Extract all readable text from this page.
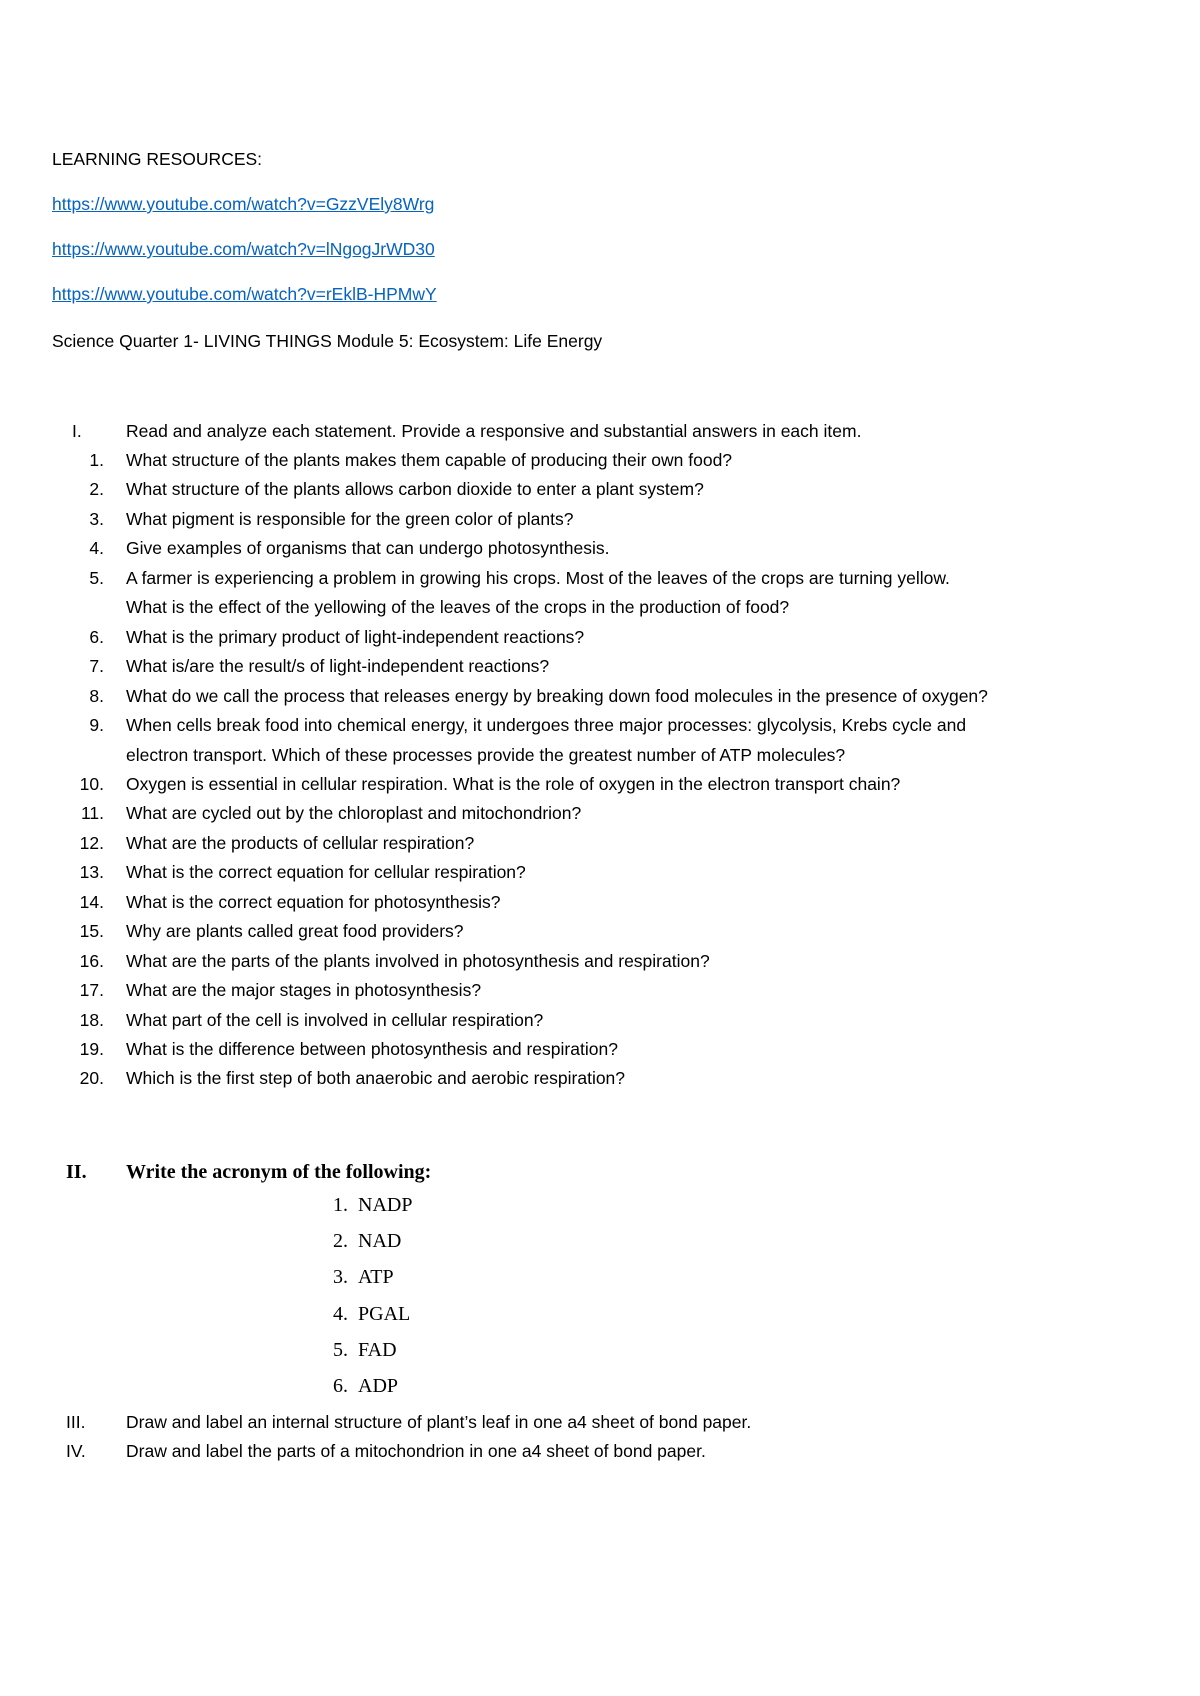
LEARNING RESOURCES:
https://www.youtube.com/watch?v=GzzVEly8Wrg
https://www.youtube.com/watch?v=lNgogJrWD30
https://www.youtube.com/watch?v=rEklB-HPMwY
Science Quarter 1- LIVING THINGS Module 5: Ecosystem: Life Energy
I.	Read and analyze each statement. Provide a responsive and substantial answers in each item.
1. What structure of the plants makes them capable of producing their own food?
2. What structure of the plants allows carbon dioxide to enter a plant system?
3. What pigment is responsible for the green color of plants?
4. Give examples of organisms that can undergo photosynthesis.
5. A farmer is experiencing a problem in growing his crops. Most of the leaves of the crops are turning yellow.
What is the effect of the yellowing of the leaves of the crops in the production of food?
6. What is the primary product of light-independent reactions?
7. What is/are the result/s of light-independent reactions?
8. What do we call the process that releases energy by breaking down food molecules in the presence of oxygen?
9. When cells break food into chemical energy, it undergoes three major processes: glycolysis, Krebs cycle and
electron transport. Which of these processes provide the greatest number of ATP molecules?
10. Oxygen is essential in cellular respiration. What is the role of oxygen in the electron transport chain?
11. What are cycled out by the chloroplast and mitochondrion?
12. What are the products of cellular respiration?
13. What is the correct equation for cellular respiration?
14. What is the correct equation for photosynthesis?
15. Why are plants called great food providers?
16. What are the parts of the plants involved in photosynthesis and respiration?
17. What are the major stages in photosynthesis?
18. What part of the cell is involved in cellular respiration?
19. What is the difference between photosynthesis and respiration?
20. Which is the first step of both anaerobic and aerobic respiration?
II. Write the acronym of the following:
1. NADP
2. NAD
3. ATP
4. PGAL
5. FAD
6. ADP
III. Draw and label an internal structure of plant’s leaf in one a4 sheet of bond paper.
IV. Draw and label the parts of a mitochondrion in one a4 sheet of bond paper.
